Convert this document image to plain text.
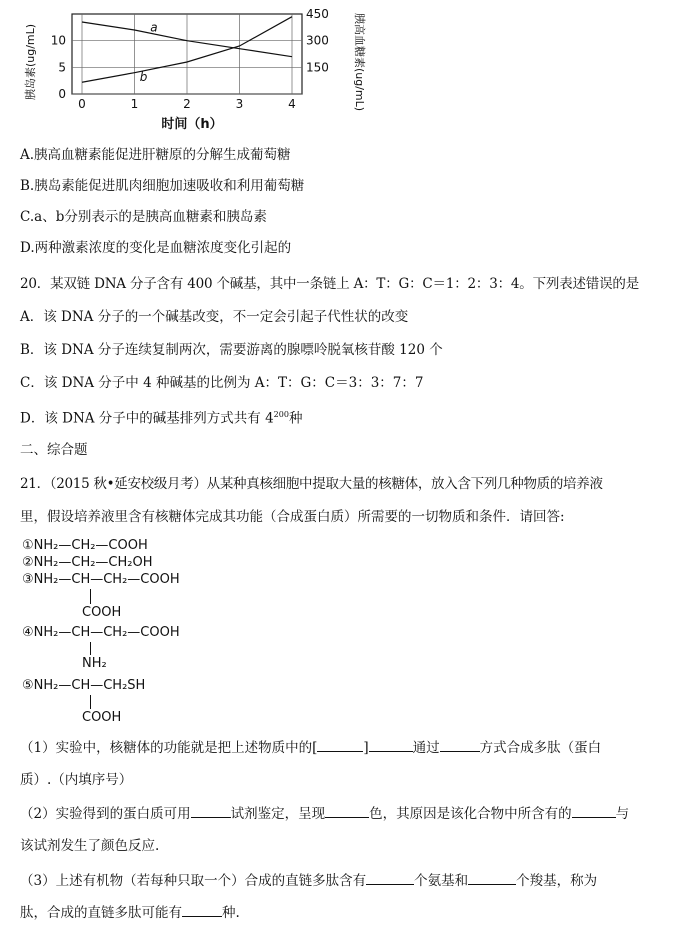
a
b
0	1	2	3	4
0
5
10
150
300
450
胰岛素(ug/mL)	胰高血糖素(ug/mL)
时间（h）
A.胰高血糖素能促进肝糖原的分解生成葡萄糖
B.胰岛素能促进肌肉细胞加速吸收和利用葡萄糖
C.a、b分别表示的是胰高血糖素和胰岛素
D.两种激素浓度的变化是血糖浓度变化引起的
20．某双链 DNA 分子含有 400 个碱基，其中一条链上 A：T：G：C＝1：2：3：4。下列表述错误的是
A．该 DNA 分子的一个碱基改变，不一定会引起子代性状的改变
B．该 DNA 分子连续复制两次，需要游离的腺嘌呤脱氧核苷酸 120 个
C．该 DNA 分子中 4 种碱基的比例为 A：T：G：C＝3：3：7：7
D．该 DNA 分子中的碱基排列方式共有 $4^{200}$种
二、综合题
21．（2015 秋•延安校级月考）从某种真核细胞中提取大量的核糖体，放入含下列几种物质的培养液
里，假设培养液里含有核糖体完成其功能（合成蛋白质）所需要的一切物质和条件．请回答:
①NH₂—CH₂—COOH
②NH₂—CH₂—CH₂OH
③NH₂—CH—CH₂—COOH
COOH
④NH₂—CH—CH₂—COOH
NH₂
⑤NH₂—CH—CH₂SH
COOH
（1）实验中，核糖体的功能就是把上述物质中的[	]	通过	方式合成多肽（蛋白
质）.（内填序号）
（2）实验得到的蛋白质可用	试剂鉴定，呈现	色，其原因是该化合物中所含有的	与
该试剂发生了颜色反应.
（3）上述有机物（若每种只取一个）合成的直链多肽含有	个氨基和	个羧基，称为
肽，合成的直链多肽可能有	种.
